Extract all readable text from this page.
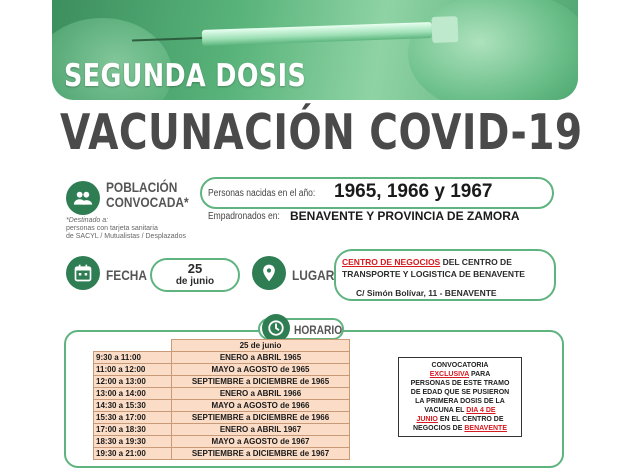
SEGUNDA DOSIS
VACUNACIÓN COVID-19
POBLACIÓN
CONVOCADA*
*Destinado a:
personas con tarjeta sanitaria
de SACYL / Mutualistas / Desplazados
Personas nacidas en el año: 1965, 1966 y 1967
Empadronados en: BENAVENTE Y PROVINCIA DE ZAMORA
FECHA	25
de junio	LUGAR
CENTRO DE NEGOCIOS DEL CENTRO DE
TRANSPORTE Y LOGISTICA DE BENAVENTE
C/ Simón Bolívar, 11 - BENAVENTE
HORARIO
	25 de junio
9:30 a 11:00	ENERO a ABRIL 1965
11:00 a 12:00	MAYO a AGOSTO de 1965
12:00 a 13:00	SEPTIEMBRE a DICIEMBRE de 1965
13:00 a 14:00	ENERO a ABRIL 1966
14:30 a 15:30	MAYO a AGOSTO de 1966
15:30 a 17:00	SEPTIEMBRE a DICIEMBRE de 1966
17:00 a 18:30	ENERO a ABRIL 1967
18:30 a 19:30	MAYO a AGOSTO de 1967
19:30 a 21:00	SEPTIEMBRE a DICIEMBRE de 1967
CONVOCATORIA
EXCLUSIVA PARA
PERSONAS DE ESTE TRAMO
DE EDAD QUE SE PUSIERON
LA PRIMERA DOSIS DE LA
VACUNA EL DIA 4 DE
JUNIO EN EL CENTRO DE
NEGOCIOS DE BENAVENTE
